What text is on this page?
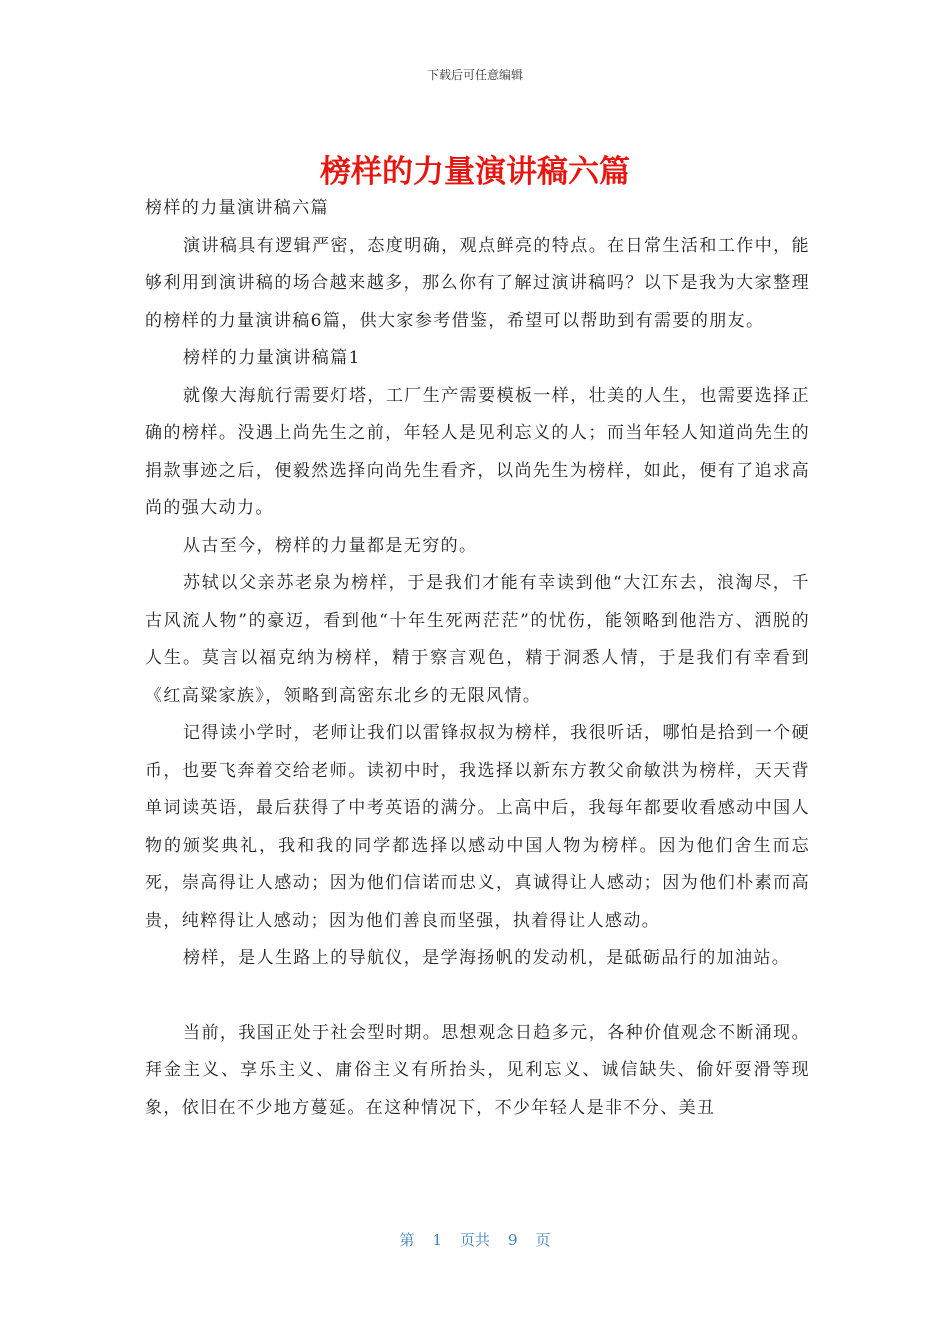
下载后可任意编辑
榜样的力量演讲稿六篇

榜样的力量演讲稿六篇

演讲稿具有逻辑严密，态度明确，观点鲜亮的特点。在日常生活和工作中，能够利用到演讲稿的场合越来越多，那么你有了解过演讲稿吗？以下是我为大家整理的榜样的力量演讲稿6篇，供大家参考借鉴，希望可以帮助到有需要的朋友。

榜样的力量演讲稿篇1

就像大海航行需要灯塔，工厂生产需要模板一样，壮美的人生，也需要选择正确的榜样。没遇上尚先生之前，年轻人是见利忘义的人；而当年轻人知道尚先生的捐款事迹之后，便毅然选择向尚先生看齐，以尚先生为榜样，如此，便有了追求高尚的强大动力。

从古至今，榜样的力量都是无穷的。

苏轼以父亲苏老泉为榜样，于是我们才能有幸读到他“大江东去，浪淘尽，千古风流人物”的豪迈，看到他“十年生死两茫茫”的忧伤，能领略到他浩方、洒脱的人生。莫言以福克纳为榜样，精于察言观色，精于洞悉人情，于是我们有幸看到《红高粱家族》，领略到高密东北乡的无限风情。

记得读小学时，老师让我们以雷锋叔叔为榜样，我很听话，哪怕是拾到一个硬币，也要飞奔着交给老师。读初中时，我选择以新东方教父俞敏洪为榜样，天天背单词读英语，最后获得了中考英语的满分。上高中后，我每年都要收看感动中国人物的颁奖典礼，我和我的同学都选择以感动中国人物为榜样。因为他们舍生而忘死，崇高得让人感动；因为他们信诺而忠义，真诚得让人感动；因为他们朴素而高贵，纯粹得让人感动；因为他们善良而坚强，执着得让人感动。

榜样，是人生路上的导航仪，是学海扬帆的发动机，是砥砺品行的加油站。

当前，我国正处于社会型时期。思想观念日趋多元，各种价值观念不断涌现。拜金主义、享乐主义、庸俗主义有所抬头，见利忘义、诚信缺失、偷奸耍滑等现象，依旧在不少地方蔓延。在这种情况下，不少年轻人是非不分、美丑

第 1 页共 9 页
